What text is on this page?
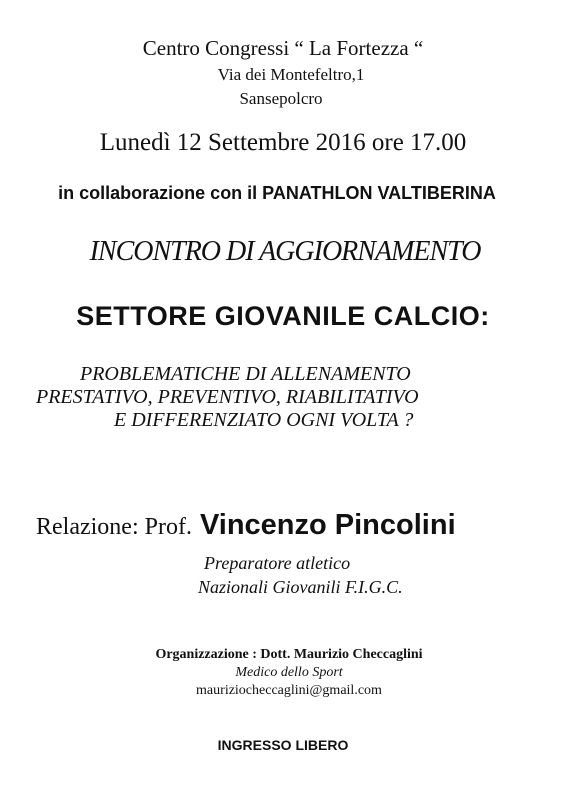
Centro Congressi “ La Fortezza “
Via dei Montefeltro,1
Sansepolcro
Lunedì 12 Settembre 2016 ore 17.00
in collaborazione con il PANATHLON VALTIBERINA
INCONTRO DI AGGIORNAMENTO
SETTORE GIOVANILE CALCIO:
PROBLEMATICHE DI ALLENAMENTO
PRESTATIVO, PREVENTIVO, RIABILITATIVO
E DIFFERENZIATO OGNI VOLTA ?
Relazione: Prof. Vincenzo Pincolini
Preparatore atletico
Nazionali Giovanili F.I.G.C.
Organizzazione : Dott. Maurizio Checcaglini
Medico dello Sport
mauriziocheccaglini@gmail.com
INGRESSO LIBERO
